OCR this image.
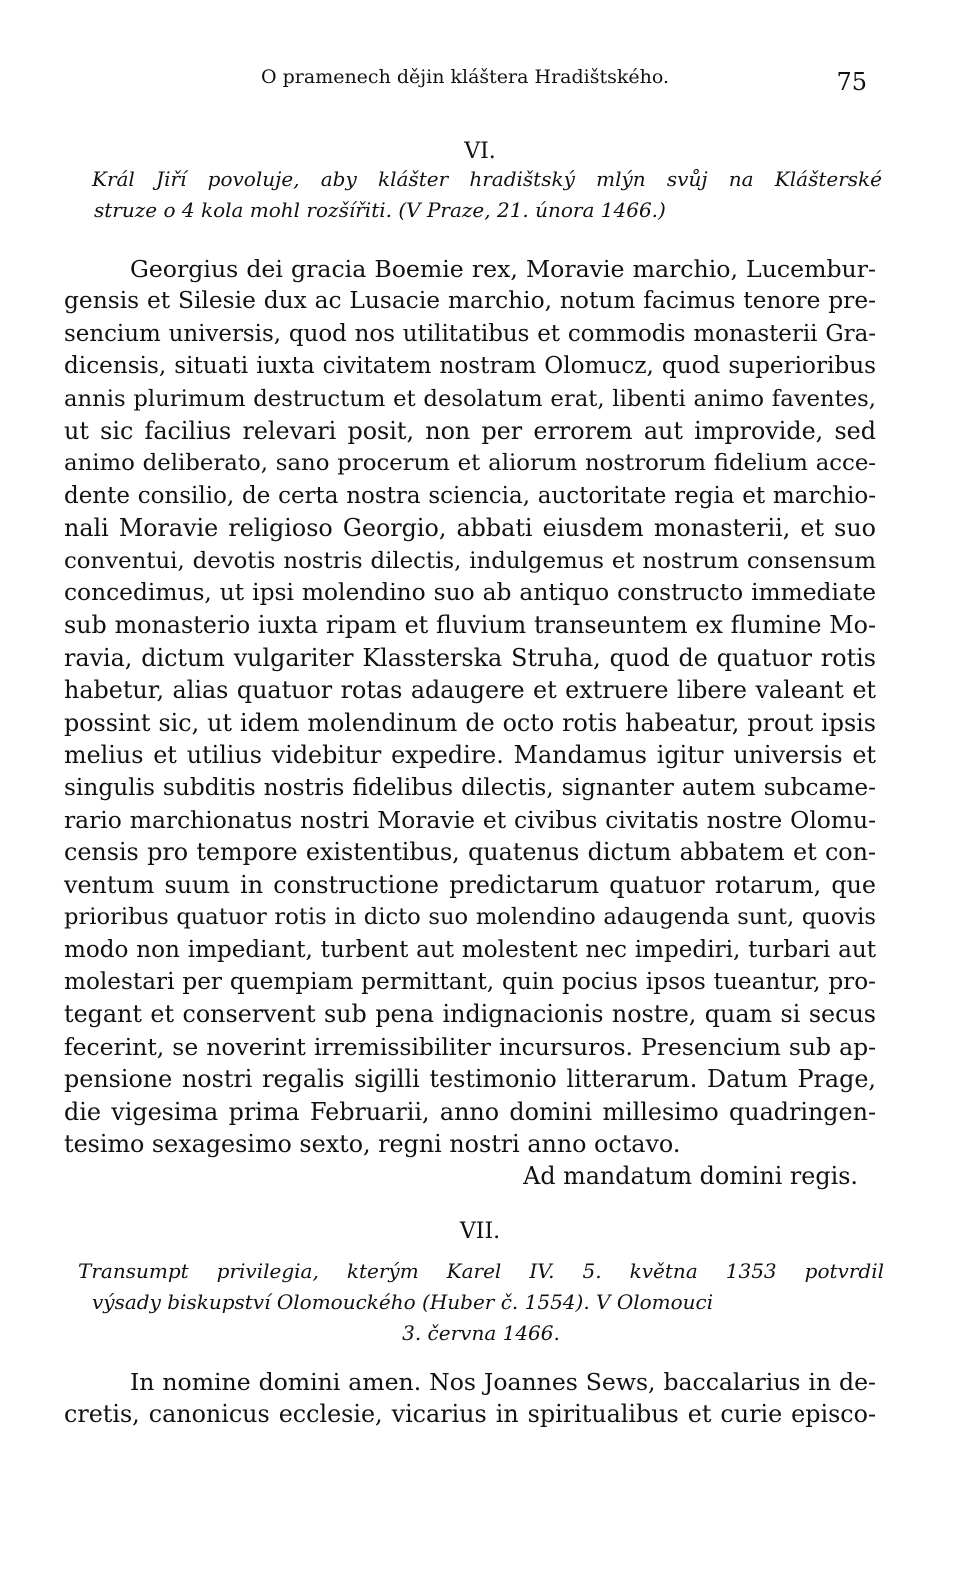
O pramenech dějin kláštera Hradištského.	75
VI.
Král Jiří povoluje, aby klášter hradištský mlýn svůj na Klášterské
struze o 4 kola mohl rozšířiti. (V Praze, 21. února 1466.)
Georgius dei gracia Boemie rex, Moravie marchio, Lucembur-
gensis et Silesie dux ac Lusacie marchio, notum facimus tenore pre-
sencium universis, quod nos utilitatibus et commodis monasterii Gra-
dicensis, situati iuxta civitatem nostram Olomucz, quod superioribus
annis plurimum destructum et desolatum erat, libenti animo faventes,
ut sic facilius relevari posit, non per errorem aut improvide, sed
animo deliberato, sano procerum et aliorum nostrorum fidelium acce-
dente consilio, de certa nostra sciencia, auctoritate regia et marchio-
nali Moravie religioso Georgio, abbati eiusdem monasterii, et suo
conventui, devotis nostris dilectis, indulgemus et nostrum consensum
concedimus, ut ipsi molendino suo ab antiquo constructo immediate
sub monasterio iuxta ripam et fluvium transeuntem ex flumine Mo-
ravia, dictum vulgariter Klassterska Struha, quod de quatuor rotis
habetur, alias quatuor rotas adaugere et extruere libere valeant et
possint sic, ut idem molendinum de octo rotis habeatur, prout ipsis
melius et utilius videbitur expedire. Mandamus igitur universis et
singulis subditis nostris fidelibus dilectis, signanter autem subcame-
rario marchionatus nostri Moravie et civibus civitatis nostre Olomu-
censis pro tempore existentibus, quatenus dictum abbatem et con-
ventum suum in constructione predictarum quatuor rotarum, que
prioribus quatuor rotis in dicto suo molendino adaugenda sunt, quovis
modo non impediant, turbent aut molestent nec impediri, turbari aut
molestari per quempiam permittant, quin pocius ipsos tueantur, pro-
tegant et conservent sub pena indignacionis nostre, quam si secus
fecerint, se noverint irremissibiliter incursuros. Presencium sub ap-
pensione nostri regalis sigilli testimonio litterarum. Datum Prage,
die vigesima prima Februarii, anno domini millesimo quadringen-
tesimo sexagesimo sexto, regni nostri anno octavo.
Ad mandatum domini regis.
VII.
Transumpt privilegia, kterým Karel IV. 5. května 1353 potvrdil
výsady biskupství Olomouckého (Huber č. 1554). V Olomouci
3. června 1466.
In nomine domini amen. Nos Joannes Sews, baccalarius in de-
cretis, canonicus ecclesie, vicarius in spiritualibus et curie episco-
